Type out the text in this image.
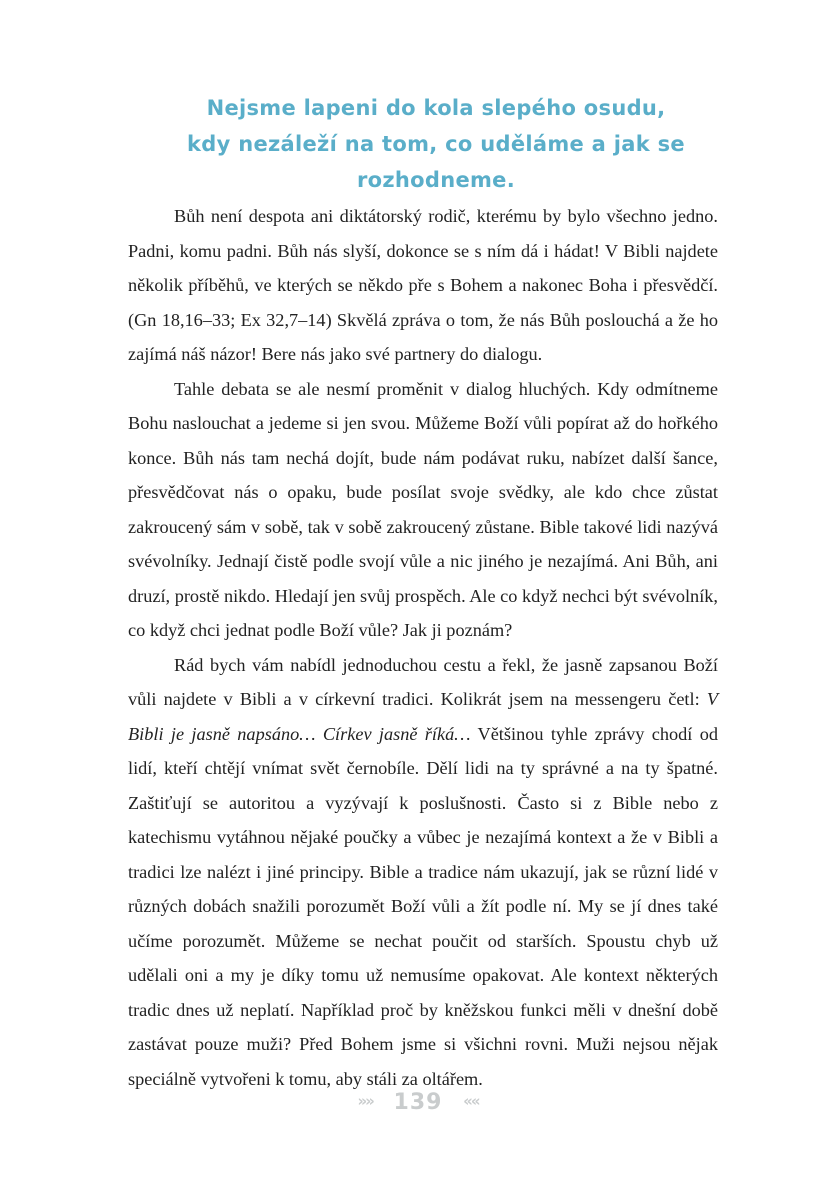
Nejsme lapeni do kola slepého osudu,
kdy nezáleží na tom, co uděláme a jak se rozhodneme.

Bůh není despota ani diktátorský rodič, kterému by bylo všechno jedno. Padni, komu padni. Bůh nás slyší, dokonce se s ním dá i hádat! V Bibli najdete několik příběhů, ve kterých se někdo pře s Bohem a nakonec Boha i přesvědčí. (Gn 18,16–33; Ex 32,7–14) Skvělá zpráva o tom, že nás Bůh poslouchá a že ho zajímá náš názor! Bere nás jako své partnery do dialogu.

Tahle debata se ale nesmí proměnit v dialog hluchých. Kdy odmítneme Bohu naslouchat a jedeme si jen svou. Můžeme Boží vůli popírat až do hořkého konce. Bůh nás tam nechá dojít, bude nám podávat ruku, nabízet další šance, přesvědčovat nás o opaku, bude posílat svoje svědky, ale kdo chce zůstat zakroucený sám v sobě, tak v sobě zakroucený zůstane. Bible takové lidi nazývá svévolníky. Jednají čistě podle svojí vůle a nic jiného je nezajímá. Ani Bůh, ani druzí, prostě nikdo. Hledají jen svůj prospěch. Ale co když nechci být svévolník, co když chci jednat podle Boží vůle? Jak ji poznám?

Rád bych vám nabídl jednoduchou cestu a řekl, že jasně zapsanou Boží vůli najdete v Bibli a v církevní tradici. Kolikrát jsem na messengeru četl: V Bibli je jasně napsáno… Církev jasně říká… Většinou tyhle zprávy chodí od lidí, kteří chtějí vnímat svět černobíle. Dělí lidi na ty správné a na ty špatné. Zaštiťují se autoritou a vyzývají k poslušnosti. Často si z Bible nebo z katechismu vytáhnou nějaké poučky a vůbec je nezajímá kontext a že v Bibli a tradici lze nalézt i jiné principy. Bible a tradice nám ukazují, jak se různí lidé v různých dobách snažili porozumět Boží vůli a žít podle ní. My se jí dnes také učíme porozumět. Můžeme se nechat poučit od starších. Spoustu chyb už udělali oni a my je díky tomu už nemusíme opakovat. Ale kontext některých tradic dnes už neplatí. Například proč by kněžskou funkci měli v dnešní době zastávat pouze muži? Před Bohem jsme si všichni rovni. Muži nejsou nějak speciálně vytvořeni k tomu, aby stáli za oltářem.

»» 139 ««
